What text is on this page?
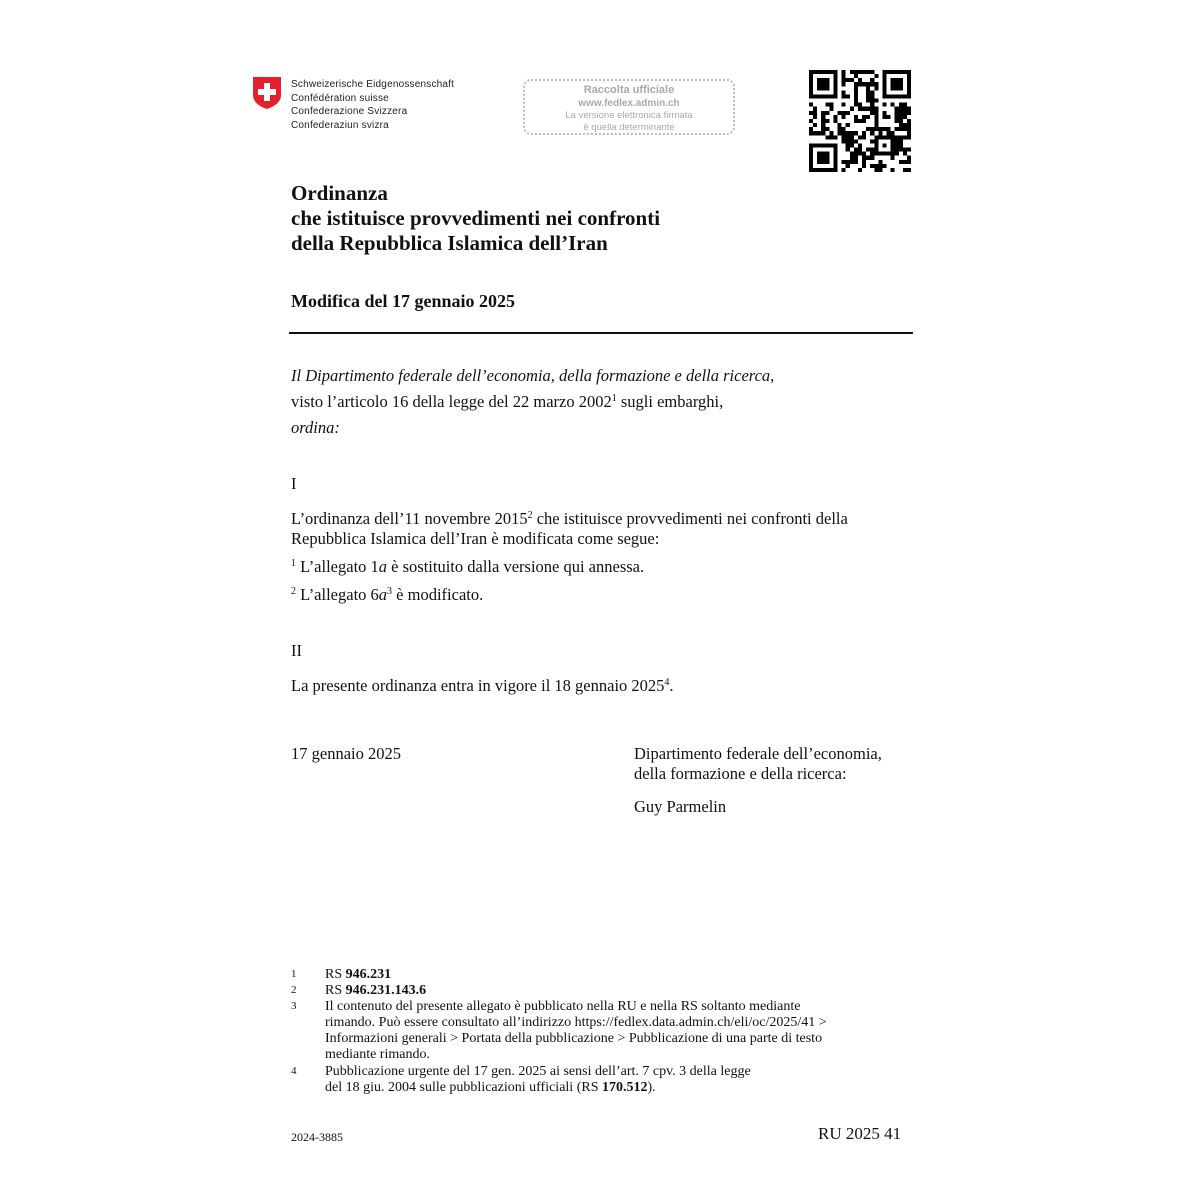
Schweizerische Eidgenossenschaft
Confédération suisse
Confederazione Svizzera
Confederaziun svizra
Raccolta ufficiale
www.fedlex.admin.ch
La versione elettronica firmata
è quella determinante
Ordinanza
che istituisce provvedimenti nei confronti
della Repubblica Islamica dell’Iran
Modifica del 17 gennaio 2025
Il Dipartimento federale dell’economia, della formazione e della ricerca,
visto l’articolo 16 della legge del 22 marzo 2002$^1$ sugli embarghi,
ordina:
I
L’ordinanza dell’11 novembre 2015$^2$ che istituisce provvedimenti nei confronti della
Repubblica Islamica dell’Iran è modificata come segue:
$^1$ L’allegato 1a è sostituito dalla versione qui annessa.
$^2$ L’allegato $6a^3$ è modificato.
II
La presente ordinanza entra in vigore il 18 gennaio 2025$^4$.
17 gennaio 2025	Dipartimento federale dell’economia,
della formazione e della ricerca:
Guy Parmelin
1 RS 946.231
2 RS 946.231.143.6
3 Il contenuto del presente allegato è pubblicato nella RU e nella RS soltanto mediante
rimando. Può essere consultato all’indirizzo https://fedlex.data.admin.ch/eli/oc/2025/41 >
Informazioni generali > Portata della pubblicazione > Pubblicazione di una parte di testo
mediante rimando.
4 Pubblicazione urgente del 17 gen. 2025 ai sensi dell’art. 7 cpv. 3 della legge
del 18 giu. 2004 sulle pubblicazioni ufficiali (RS 170.512).
2024-3885	RU 2025 41
